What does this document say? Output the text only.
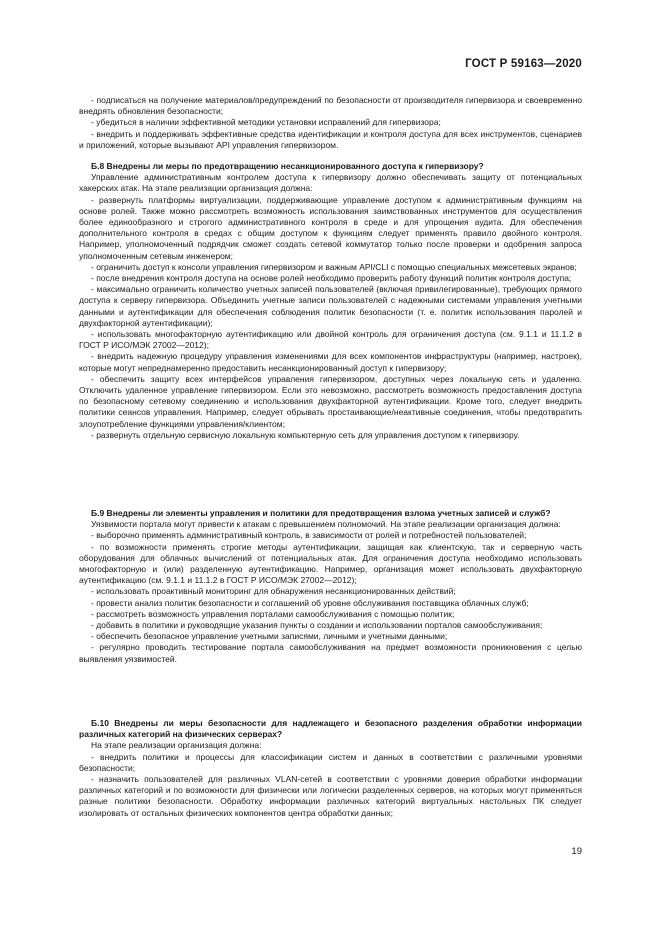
ГОСТ Р 59163—2020

- подписаться на получение материалов/предупреждений по безопасности от производителя гипервизора и своевременно внедрять обновления безопасности;

- убедиться в наличии эффективной методики установки исправлений для гипервизора;

- внедрить и поддерживать эффективные средства идентификации и контроля доступа для всех инструментов, сценариев и приложений, которые вызывают API управления гипервизором.

Б.8 Внедрены ли меры по предотвращению несанкционированного доступа к гипервизору?

Управление административным контролем доступа к гипервизору должно обеспечивать защиту от потенциальных хакерских атак. На этапе реализации организация должна:

- развернуть платформы виртуализации, поддерживающие управление доступом к административным функциям на основе ролей. Также можно рассмотреть возможность использования заимствованных инструментов для осуществления более единообразного и строгого административного контроля в среде и для упрощения аудита. Для обеспечения дополнительного контроля в средах с общим доступом к функциям следует применять правило двойного контроля. Например, уполномоченный подрядчик сможет создать сетевой коммутатор только после проверки и одобрения запроса уполномоченным сетевым инженером;

- ограничить доступ к консоли управления гипервизором и важным API/CLI с помощью специальных межсетевых экранов;

- после внедрения контроля доступа на основе ролей необходимо проверить работу функций политик контроля доступа;

- максимально ограничить количество учетных записей пользователей (включая привилегированные), требующих прямого доступа к серверу гипервизора. Объединить учетные записи пользователей с надежными системами управления учетными данными и аутентификации для обеспечения соблюдения политик безопасности (т. е. политик использования паролей и двухфакторной аутентификации);

- использовать многофакторную аутентификацию или двойной контроль для ограничения доступа (см. 9.1.1 и 11.1.2 в ГОСТ Р ИСО/МЭК 27002—2012);

- внедрить надежную процедуру управления изменениями для всех компонентов инфраструктуры (например, настроек), которые могут непреднамеренно предоставить несанкционированный доступ к гипервизору;

- обеспечить защиту всех интерфейсов управления гипервизором, доступных через локальную сеть и удаленно. Отключить удаленное управление гипервизором. Если это невозможно, рассмотреть возможность предоставления доступа по безопасному сетевому соединению и использования двухфакторной аутентификации. Кроме того, следует внедрить политики сеансов управления. Например, следует обрывать простаивающие/неактивные соединения, чтобы предотвратить злоупотребление функциями управления/клиентом;

- развернуть отдельную сервисную локальную компьютерную сеть для управления доступом к гипервизору.

Б.9 Внедрены ли элементы управления и политики для предотвращения взлома учетных записей и служб?

Уязвимости портала могут привести к атакам с превышением полномочий. На этапе реализации организация должна:

- выборочно применять административный контроль, в зависимости от ролей и потребностей пользователей;

- по возможности применять строгие методы аутентификации, защищая как клиентскую, так и серверную часть оборудования для облачных вычислений от потенциальных атак. Для ограничения доступа необходимо использовать многофакторную и (или) разделенную аутентификацию. Например, организация может использовать двухфакторную аутентификацию (см. 9.1.1 и 11.1.2 в ГОСТ Р ИСО/МЭК 27002—2012);

- использовать проактивный мониторинг для обнаружения несанкционированных действий;

- провести анализ политик безопасности и соглашений об уровне обслуживания поставщика облачных служб;

- рассмотреть возможность управления порталами самообслуживания с помощью политик;

- добавить в политики и руководящие указания пункты о создании и использовании порталов самообслуживания;

- обеспечить безопасное управление учетными записями, личными и учетными данными;

- регулярно проводить тестирование портала самообслуживания на предмет возможности проникновения с целью выявления уязвимостей.

Б.10 Внедрены ли меры безопасности для надлежащего и безопасного разделения обработки информации различных категорий на физических серверах?

На этапе реализации организация должна:

- внедрить политики и процессы для классификации систем и данных в соответствии с различными уровнями безопасности;

- назначить пользователей для различных VLAN-сетей в соответствии с уровнями доверия обработки информации различных категорий и по возможности для физически или логически разделенных серверов, на которых могут применяться разные политики безопасности. Обработку информации различных категорий виртуальных настольных ПК следует изолировать от остальных физических компонентов центра обработки данных;

19
